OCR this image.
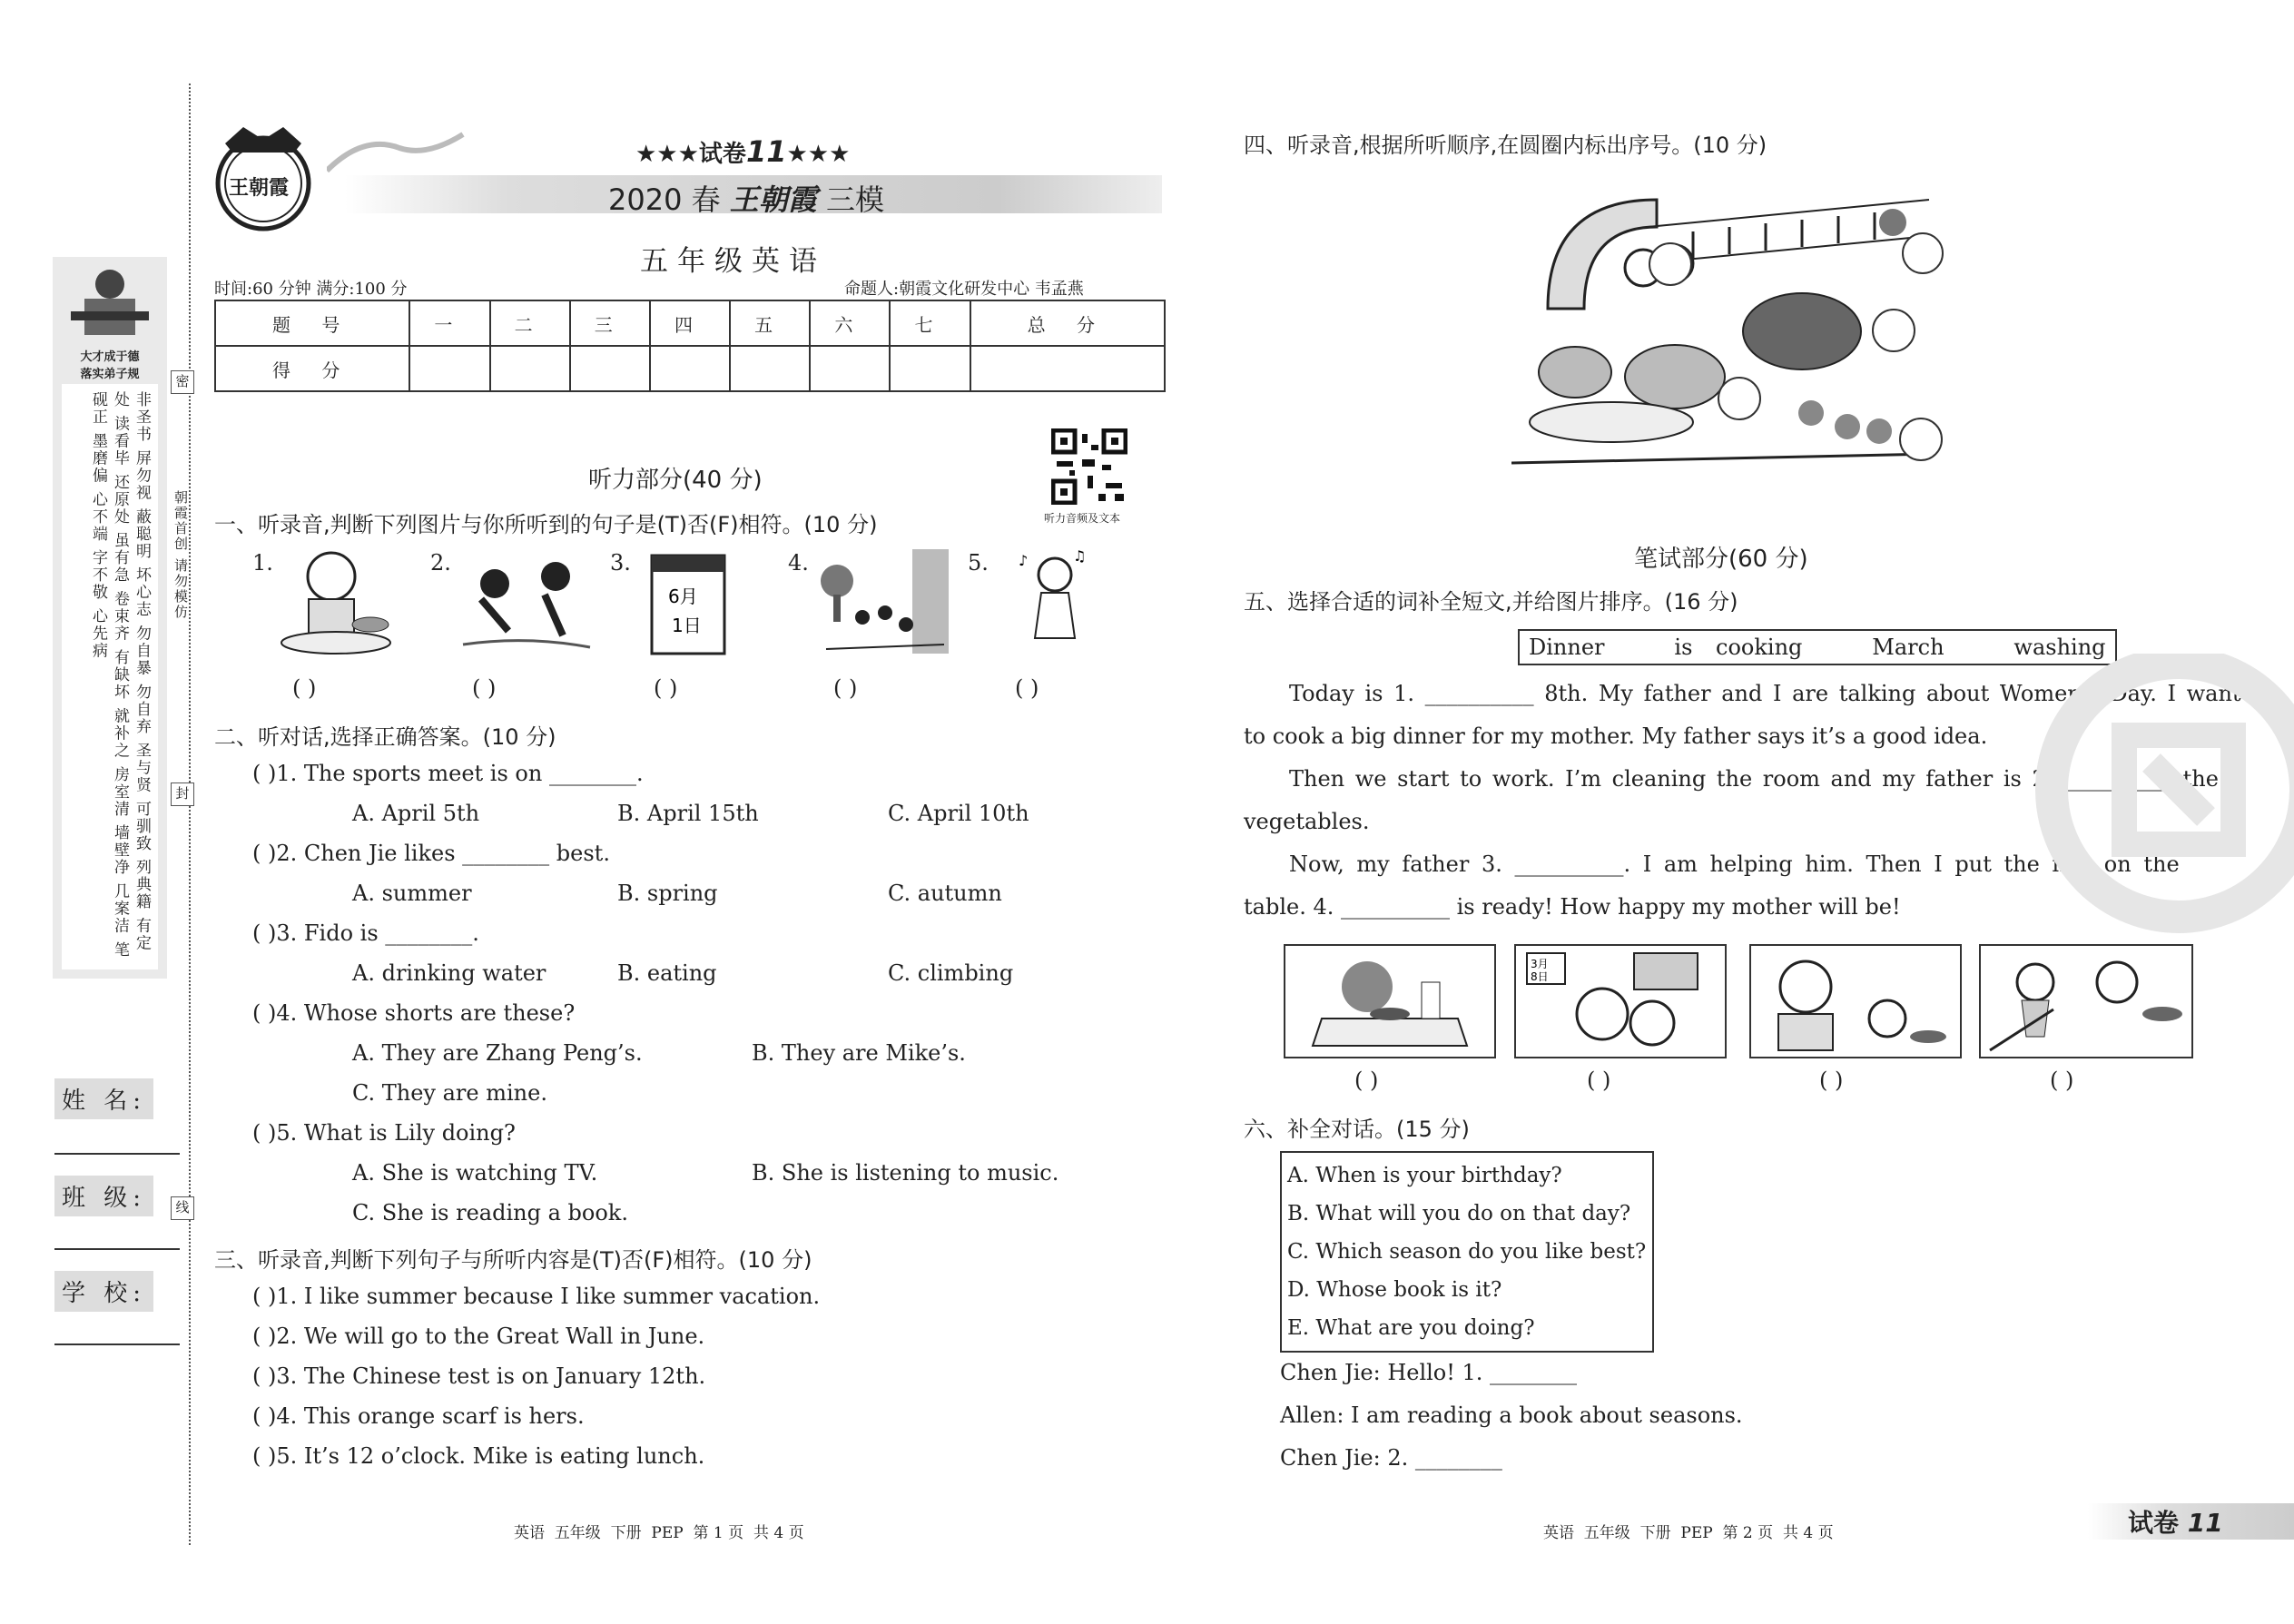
大才成于德
落实弟子规
非圣书 屏勿视 蔽聪明 坏心志 勿自暴 勿自弃 圣与贤 可驯致 列典籍 有定处 读看毕 还原处 虽有急 卷束齐 有缺坏 就补之 房室清 墙壁净 几案洁 笔砚正 墨磨偏 心不端 字不敬 心先病
密
封
线
朝霞首创 请勿模仿
姓 名:
班 级:
学 校:
王朝霞
★★★试卷11★★★
2020 春 王朝霞 三模
五年级英语
时间:60 分钟 满分:100 分	命题人:朝霞文化研发中心 韦孟燕
题 号	一	二	三	四	五	六	七	总 分
得 分								
听力音频及文本
听力部分(40 分)
一、听录音,判断下列图片与你所听到的句子是(T)否(F)相符。(10 分)
1.	2.	3.	4.	5.
6月
1日
♪	♫
( )	( )	( )	( )	( )
二、听对话,选择正确答案。(10 分)
( )1. The sports meet is on ________.
A. April 5th	B. April 15th	C. April 10th
( )2. Chen Jie likes ________ best.
A. summer	B. spring	C. autumn
( )3. Fido is ________.
A. drinking water	B. eating	C. climbing
( )4. Whose shorts are these?
A. They are Zhang Peng’s.	B. They are Mike’s.
C. They are mine.
( )5. What is Lily doing?
A. She is watching TV.	B. She is listening to music.
C. She is reading a book.
三、听录音,判断下列句子与所听内容是(T)否(F)相符。(10 分)
( )1. I like summer because I like summer vacation.
( )2. We will go to the Great Wall in June.
( )3. The Chinese test is on January 12th.
( )4. This orange scarf is hers.
( )5. It’s 12 o’clock. Mike is eating lunch.
英语  五年级  下册  PEP  第 1 页  共 4 页
四、听录音,根据所听顺序,在圆圈内标出序号。(10 分)
笔试部分(60 分)
五、选择合适的词补全短文,并给图片排序。(16 分)
Dinner   is cooking   March   washing
Today is 1. __________ 8th. My father and I are talking about Women’s Day. I want
to cook a big dinner for my mother. My father says it’s a good idea.
Then we start to work. I’m cleaning the room and my father is 2. __________ the
vegetables.
Now, my father 3. __________. I am helping him. Then I put the fish on the
table. 4. __________ is ready! How happy my mother will be!
3月
8日
( )	( )	( )	( )
六、补全对话。(15 分)
A. When is your birthday?
B. What will you do on that day?
C. Which season do you like best?
D. Whose book is it?
E. What are you doing?
Chen Jie: Hello! 1. ________
Allen: I am reading a book about seasons.
Chen Jie: 2. ________
英语  五年级  下册  PEP  第 2 页  共 4 页	试卷 11
